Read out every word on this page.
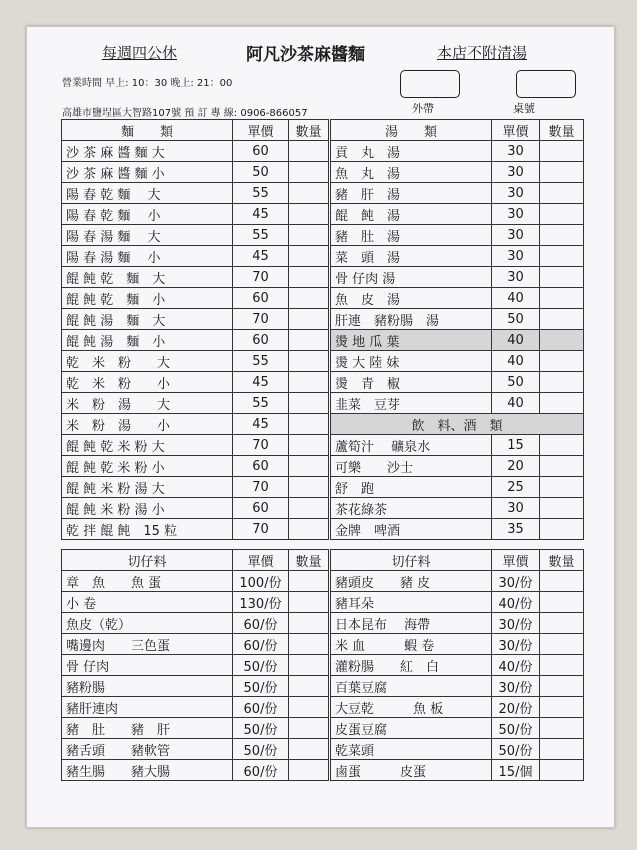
每週四公休	阿凡沙茶麻醬麵	本店不附清湯
營業時間 早上: 10：30 晚上: 21：00
高雄市鹽埕區大智路107號 預 訂 專 線: 0906-866057	外帶	桌號
麵　　類	單價	數量
沙 茶 麻 醬 麵 大	60	
沙 茶 麻 醬 麵 小	50	
陽 春 乾 麵　 大	55	
陽 春 乾 麵　 小	45	
陽 春 湯 麵　 大	55	
陽 春 湯 麵　 小	45	
餛 飩 乾　麵　大	70	
餛 飩 乾　麵　小	60	
餛 飩 湯　麵　大	70	
餛 飩 湯　麵　小	60	
乾　米　粉　　大	55	
乾　米　粉　　小	45	
米　粉　湯　　大	55	
米　粉　湯　　小	45	
餛 飩 乾 米 粉 大	70	
餛 飩 乾 米 粉 小	60	
餛 飩 米 粉 湯 大	70	
餛 飩 米 粉 湯 小	60	
乾 拌 餛 飩　15 粒	70	
湯　　類	單價	數量
貢　丸　湯	30	
魚　丸　湯	30	
豬　肝　湯	30	
餛　飩　湯	30	
豬　肚　湯	30	
菜　頭　湯	30	
骨 仔肉 湯	30	
魚　皮　湯	40	
肝連　豬粉腸　湯	50	
燙 地 瓜 葉	40	
燙 大 陸 妹	40	
燙　青　椒	50	
韭菜　豆芽	40	
飲　料、酒　類		
蘆筍汁　 礦泉水	15	
可樂　　沙士	20	
舒　跑	25	
茶花綠茶	30	
金牌　啤酒	35	
切仔料	單價	數量
章　魚　　魚 蛋	100/份	
小 卷	130/份	
魚皮（乾）	60/份	
嘴邊肉　　三色蛋	60/份	
骨 仔肉	50/份	
豬粉腸	50/份	
豬肝連肉	60/份	
豬　肚　　豬　肝	50/份	
豬舌頭　　豬軟管	50/份	
豬生腸　　豬大腸	60/份	
切仔料	單價	數量
豬頭皮　　豬 皮	30/份	
豬耳朵	40/份	
日本昆布　 海帶	30/份	
米 血　　　蝦 卷	30/份	
灌粉腸　　紅　白	40/份	
百葉豆腐	30/份	
大豆乾　　　魚 板	20/份	
皮蛋豆腐	50/份	
乾菜頭	50/份	
鹵蛋　　　皮蛋	15/個	
